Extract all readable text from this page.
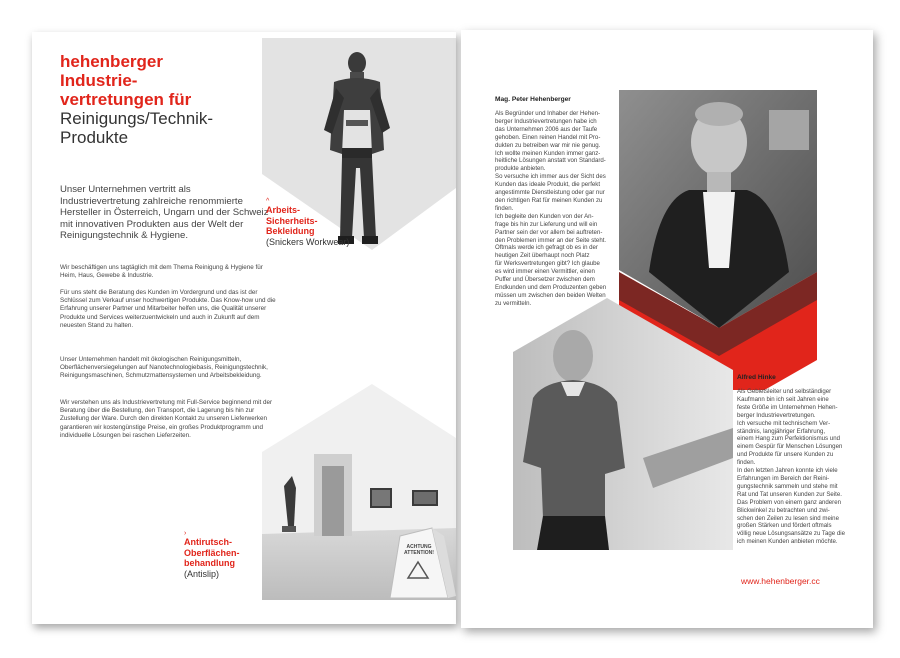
hehenberger
Industrie-
vertretungen für
Reinigungs/Technik-
Produkte
Unser Unternehmen vertritt als Industrievertretung zahlreiche renommierte Hersteller in Österreich, Ungarn und der Schweiz mit innovativen Produkten aus der Welt der Reinigungstechnik & Hygiene.
Wir beschäftigen uns tagtäglich mit dem Thema Reinigung & Hygiene für Heim, Haus, Gewebe & Industrie.
Für uns steht die Beratung des Kunden im Vordergrund und das ist der Schlüssel zum Verkauf unser hochwertigen Produkte. Das Know-how und die Erfahrung unserer Partner und Mitarbeiter helfen uns, die Qualität unserer Produkte und Services weiterzuentwickeln und auch in Zukunft auf dem neuesten Stand zu halten.
Unser Unternehmen handelt mit ökologischen Reinigungsmitteln, Oberflächenversiegelungen auf Nanotechnologiebasis, Reinigungstechnik, Reinigungsmaschinen, Schmutzmattensystemen und Arbeitsbekleidung.
Wir verstehen uns als Industrievertretung mit Full-Service beginnend mit der Beratung über die Bestellung, den Transport, die Lagerung bis hin zur Zustellung der Ware. Durch den direkten Kontakt zu unseren Lieferwerken garantieren wir kostengünstige Preise, ein großes Produktprogramm und individuelle Lösungen bei raschen Lieferzeiten.
^
Arbeits-
Sicherheits-
Bekleidung
(Snickers Workwear)
ACHTUNG
ATTENTION!
›
Antirutsch-
Oberflächen-
behandlung
(Antislip)
Mag. Peter Hehenberger
Als Begründer und Inhaber der Hehen-
berger Industrievertretungen habe ich
das Unternehmen 2006 aus der Taufe
gehoben. Einen reinen Handel mit Pro-
dukten zu betreiben war mir nie genug.
Ich wollte meinen Kunden immer ganz-
heitliche Lösungen anstatt von Standard-
produkte anbieten.
So versuche ich immer aus der Sicht des
Kunden das ideale Produkt, die perfekt
angestimmte Dienstleistung oder gar nur
den richtigen Rat für meinen Kunden zu
finden.
Ich begleite den Kunden von der An-
frage bis hin zur Lieferung und will ein
Partner sein der vor allem bei auftreten-
den Problemen immer an der Seite steht.
Oftmals werde ich gefragt ob es in der
heutigen Zeit überhaupt noch Platz
für Werksvertretungen gibt? Ich glaube
es wird immer einen Vermittler, einen
Puffer und Übersetzer zwischen dem
Endkunden und dem Produzenten geben
müssen um zwischen den beiden Welten
zu vermitteln.
Alfred Hinke
Als Gebietsleiter und selbständiger
Kaufmann bin ich seit Jahren eine
feste Größe im Unternehmen Hehen-
berger Industrievertretungen.
Ich versuche mit technischem Ver-
ständnis, langjähriger Erfahrung,
einem Hang zum Perfektionismus und
einem Gespür für Menschen Lösungen
und Produkte für unsere Kunden zu
finden.
In den letzten Jahren konnte ich viele
Erfahrungen im Bereich der Reini-
gungstechnik sammeln und stehe mit
Rat und Tat unseren Kunden zur Seite.
Das Problem von einem ganz anderen
Blickwinkel zu betrachten und zwi-
schen den Zeilen zu lesen sind meine
großen Stärken und fördert oftmals
völlig neue Lösungsansätze zu Tage die
ich meinen Kunden anbieten möchte.
www.hehenberger.cc
